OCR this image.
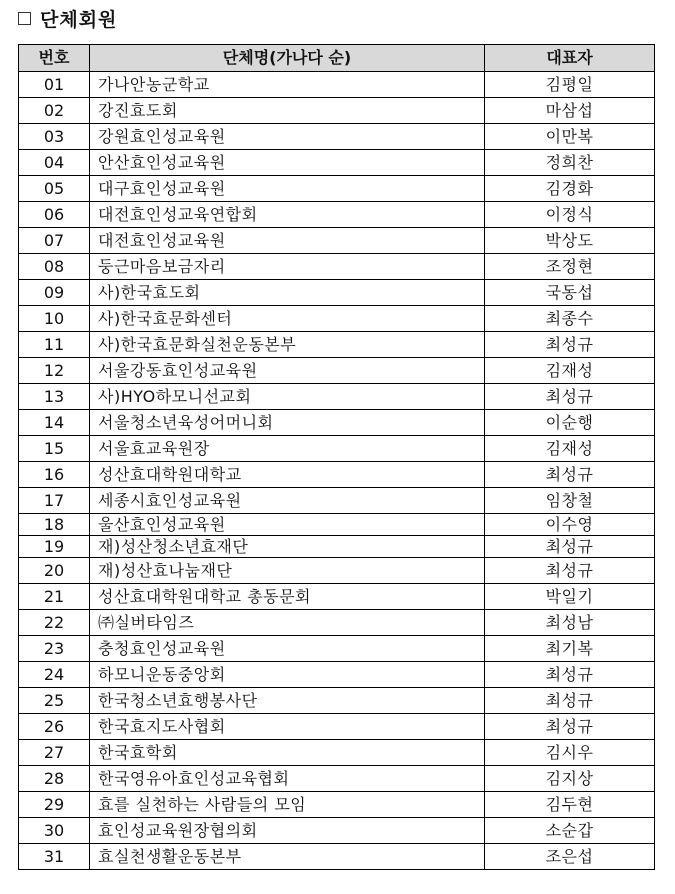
단체회원
번호	단체명(가나다 순)	대표자
01	가나안농군학교	김평일
02	강진효도회	마삼섭
03	강원효인성교육원	이만복
04	안산효인성교육원	정희찬
05	대구효인성교육원	김경화
06	대전효인성교육연합회	이정식
07	대전효인성교육원	박상도
08	둥근마음보금자리	조정현
09	사)한국효도회	국동섭
10	사)한국효문화센터	최종수
11	사)한국효문화실천운동본부	최성규
12	서울강동효인성교육원	김재성
13	사)HYO하모니선교회	최성규
14	서울청소년육성어머니회	이순행
15	서울효교육원장	김재성
16	성산효대학원대학교	최성규
17	세종시효인성교육원	임창철
18	울산효인성교육원	이수영
19	재)성산청소년효재단	최성규
20	재)성산효나눔재단	최성규
21	성산효대학원대학교 총동문회	박일기
22	㈜실버타임즈	최성남
23	충청효인성교육원	최기복
24	하모니운동중앙회	최성규
25	한국청소년효행봉사단	최성규
26	한국효지도사협회	최성규
27	한국효학회	김시우
28	한국영유아효인성교육협회	김지상
29	효를 실천하는 사람들의 모임	김두현
30	효인성교육원장협의회	소순갑
31	효실천생활운동본부	조은섭
